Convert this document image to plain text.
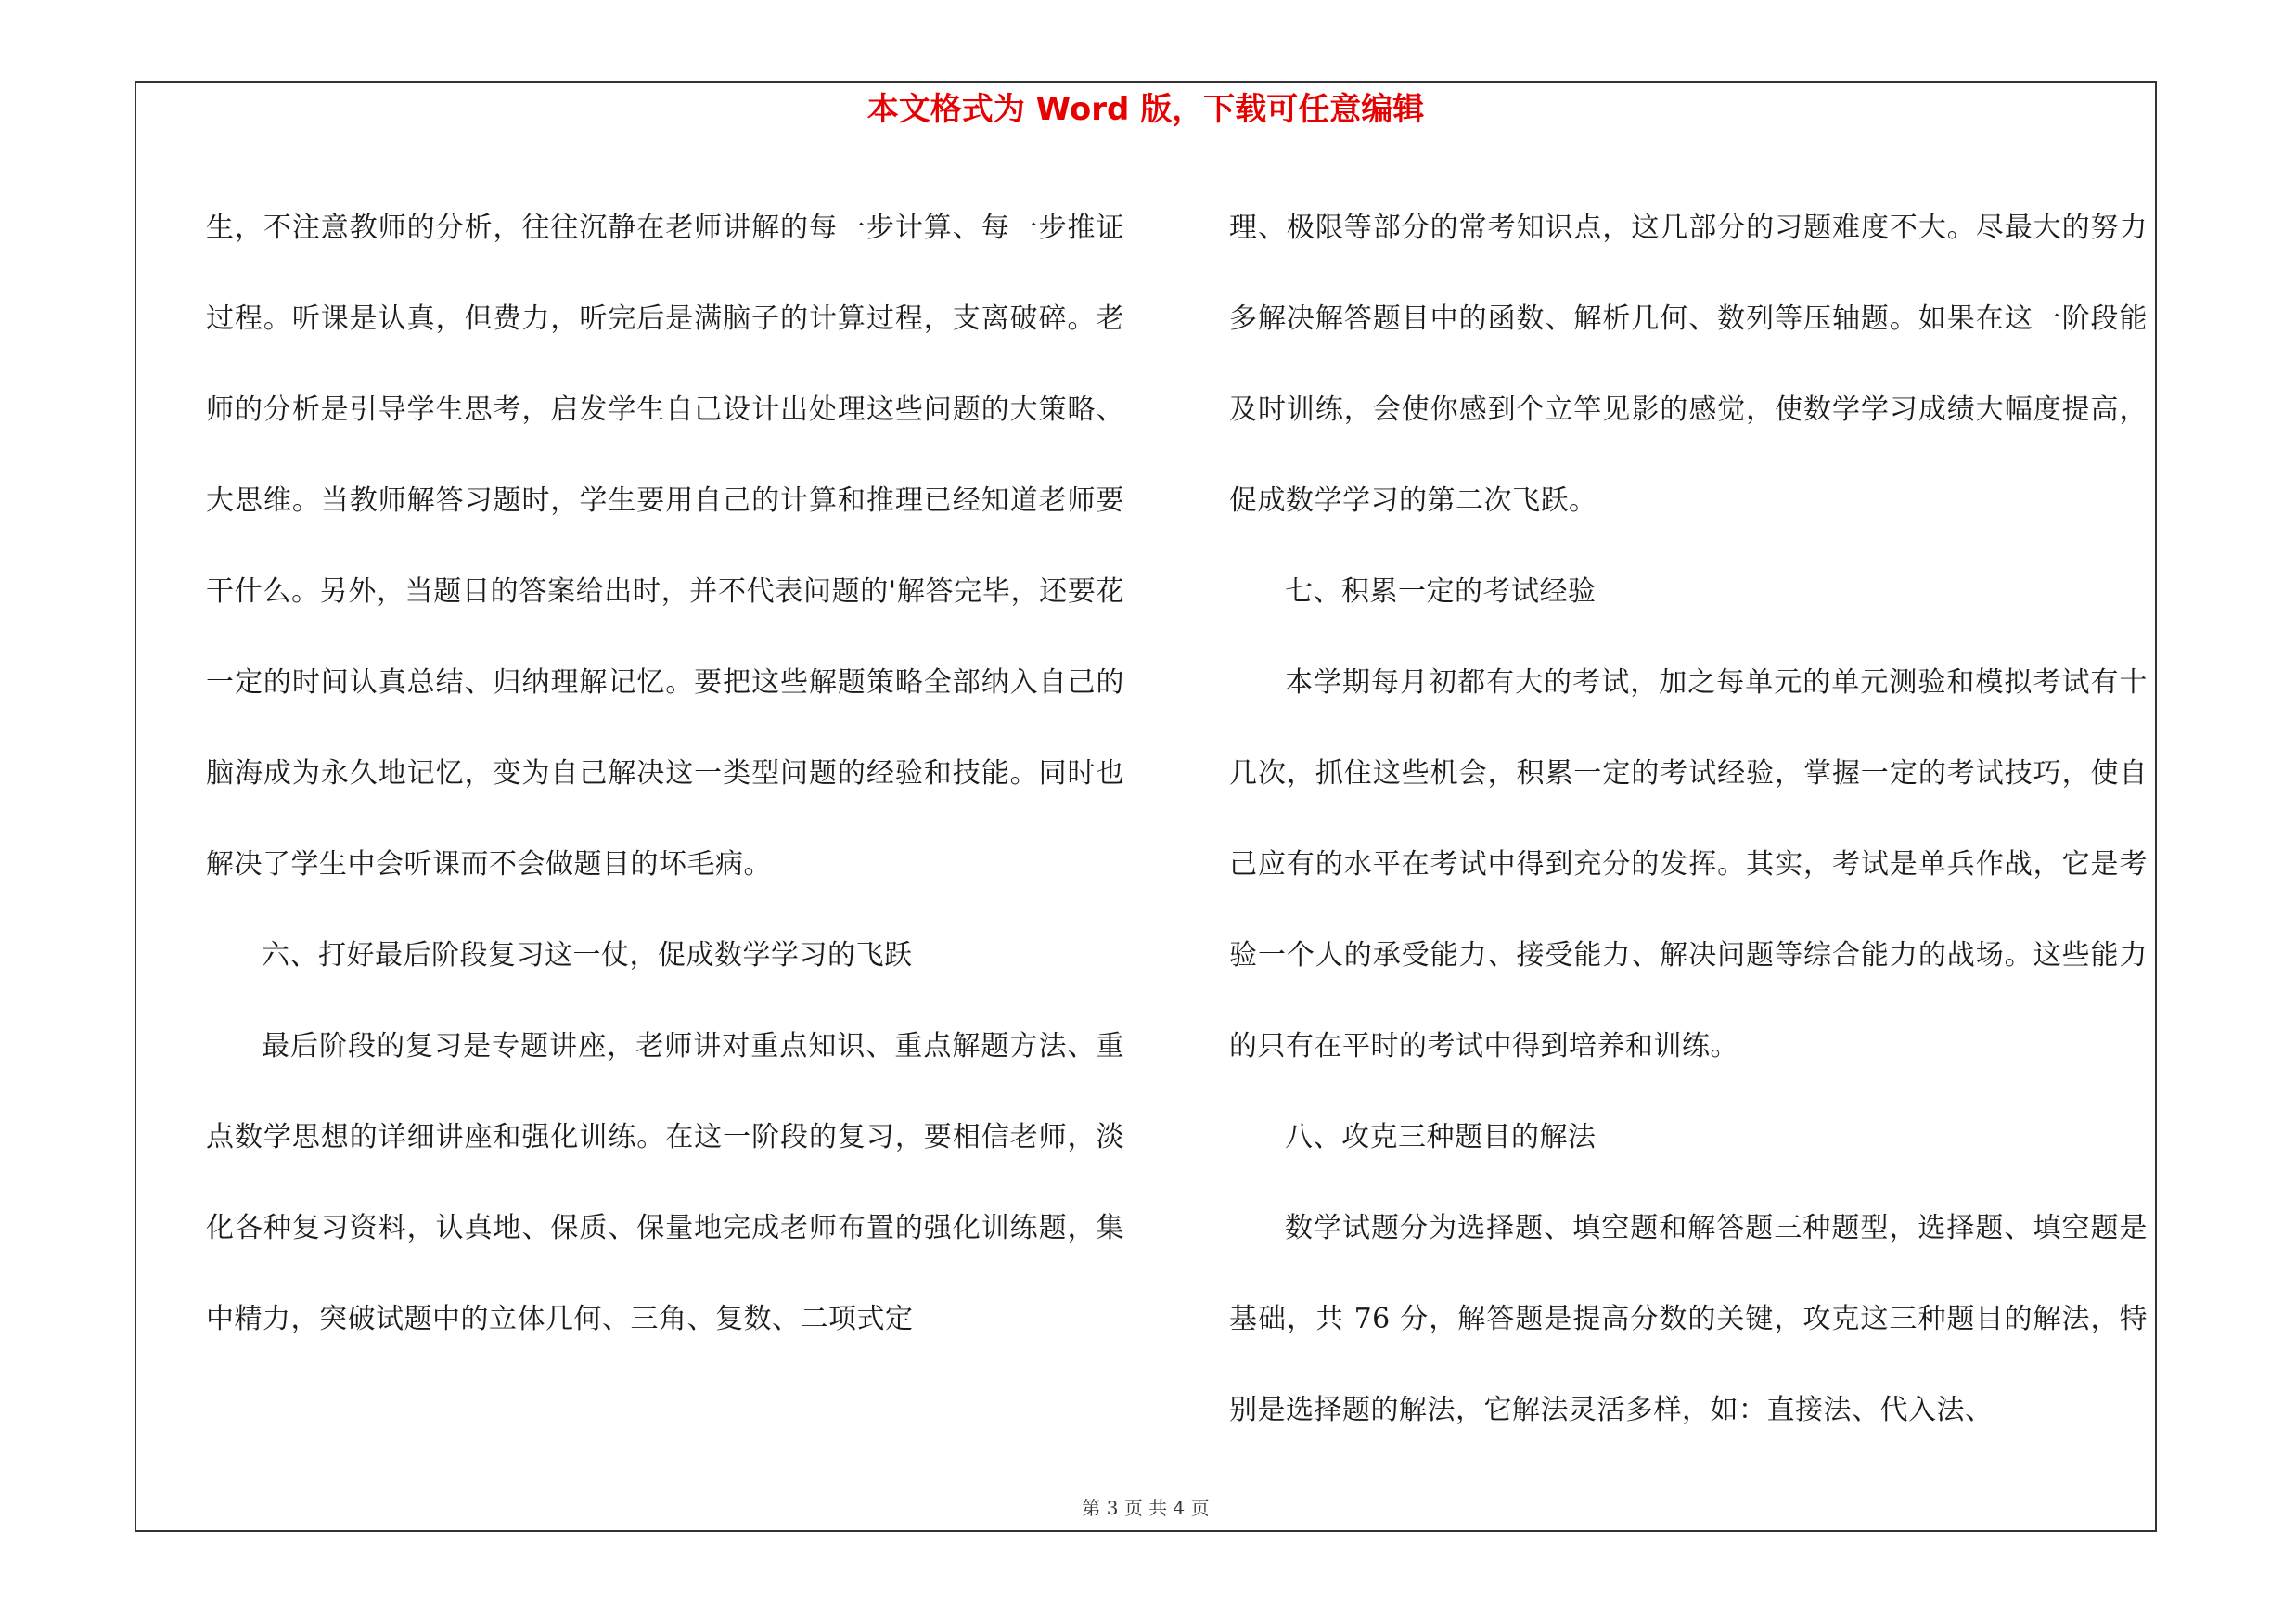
本文格式为 Word 版，下载可任意编辑

生，不注意教师的分析，往往沉静在老师讲解的每一步计算、每一步推证过程。听课是认真，但费力，听完后是满脑子的计算过程，支离破碎。老师的分析是引导学生思考，启发学生自己设计出处理这些问题的大策略、大思维。当教师解答习题时，学生要用自己的计算和推理已经知道老师要干什么。另外，当题目的答案给出时，并不代表问题的'解答完毕，还要花一定的时间认真总结、归纳理解记忆。要把这些解题策略全部纳入自己的脑海成为永久地记忆，变为自己解决这一类型问题的经验和技能。同时也解决了学生中会听课而不会做题目的坏毛病。

六、打好最后阶段复习这一仗，促成数学学习的飞跃

最后阶段的复习是专题讲座，老师讲对重点知识、重点解题方法、重点数学思想的详细讲座和强化训练。在这一阶段的复习，要相信老师，淡化各种复习资料，认真地、保质、保量地完成老师布置的强化训练题，集中精力，突破试题中的立体几何、三角、复数、二项式定

理、极限等部分的常考知识点，这几部分的习题难度不大。尽最大的努力多解决解答题目中的函数、解析几何、数列等压轴题。如果在这一阶段能及时训练，会使你感到个立竿见影的感觉，使数学学习成绩大幅度提高，促成数学学习的第二次飞跃。

七、积累一定的考试经验

本学期每月初都有大的考试，加之每单元的单元测验和模拟考试有十几次，抓住这些机会，积累一定的考试经验，掌握一定的考试技巧，使自己应有的水平在考试中得到充分的发挥。其实，考试是单兵作战，它是考验一个人的承受能力、接受能力、解决问题等综合能力的战场。这些能力的只有在平时的考试中得到培养和训练。

八、攻克三种题目的解法

数学试题分为选择题、填空题和解答题三种题型，选择题、填空题是基础，共 76 分，解答题是提高分数的关键，攻克这三种题目的解法，特别是选择题的解法，它解法灵活多样，如：直接法、代入法、

第 3 页 共 4 页
